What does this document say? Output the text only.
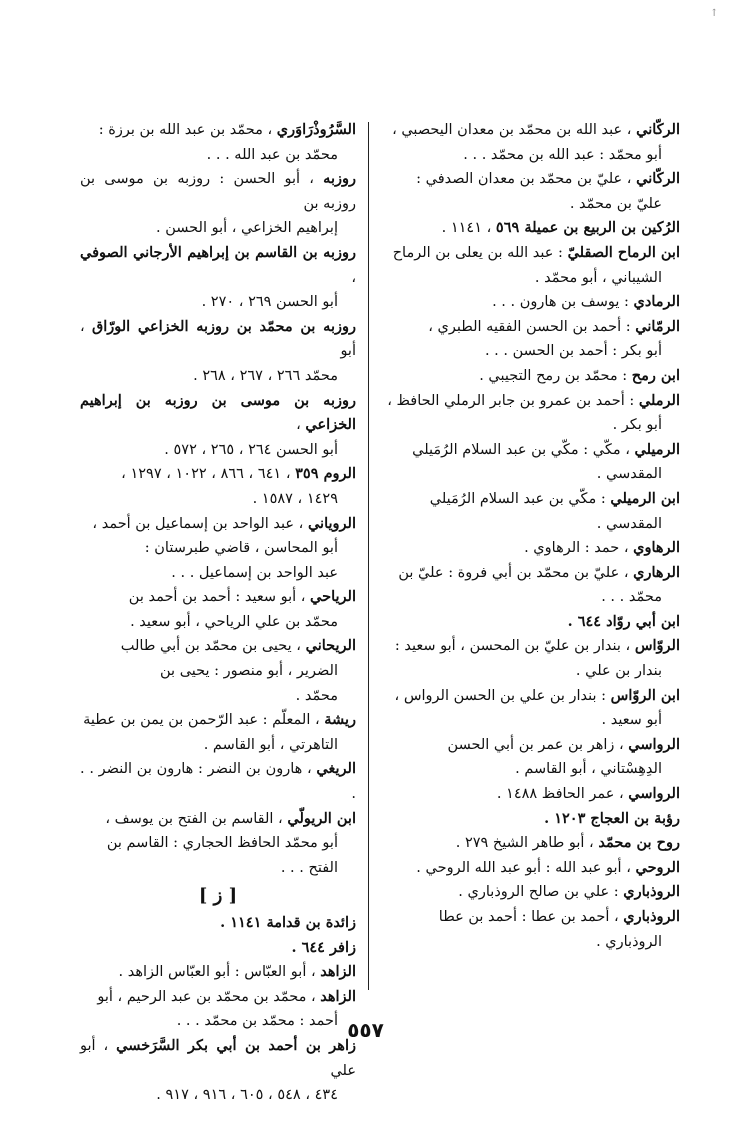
↑
الركّاني ، عبد الله بن محمّد بن معدان اليحصبي ،
أبو محمّد : عبد الله بن محمّد . . .
الركّاني ، عليّ بن محمّد بن معدان الصدفي :
عليّ بن محمّد .
الرُكين بن الربيع بن عميلة ٥٦٩ ، ١١٤١ .
ابن الرماح الصقليّ : عبد الله بن يعلى بن الرماح
الشيباني ، أبو محمّد .
الرمادي : يوسف بن هارون . . .
الرمّاني : أحمد بن الحسن الفقيه الطبري ،
أبو بكر : أحمد بن الحسن . . .
ابن رمح : محمّد بن رمح التجيبي .
الرملي : أحمد بن عمرو بن جابر الرملي الحافظ ،
أبو بكر .
الرميلي ، مكّي : مكّي بن عبد السلام الرُمَيلي
المقدسي .
ابن الرميلي : مكّي بن عبد السلام الرُمَيلي
المقدسي .
الرهاوي ، حمد : الرهاوي .
الرهاري ، عليّ بن محمّد بن أبي فروة : عليّ بن
محمّد . . .
ابن أبي روّاد ٦٤٤ .
الروّاس ، بندار بن عليّ بن المحسن ، أبو سعيد :
بندار بن علي .
ابن الروّاس : بندار بن علي بن الحسن الرواس ،
أبو سعيد .
الرواسي ، زاهر بن عمر بن أبي الحسن
الدِهِسْتاني ، أبو القاسم .
الرواسي ، عمر الحافظ ١٤٨٨ .
رؤبة بن العجاج ١٢٠٣ .
روح بن محمّد ، أبو طاهر الشيخ ٢٧٩ .
الروحي ، أبو عبد الله : أبو عبد الله الروحي .
الروذباري : علي بن صالح الروذباري .
الروذباري ، أحمد بن عطا : أحمد بن عطا
الروذباري .
السَّرُوذْرَاوَري ، محمّد بن عبد الله بن برزة :
محمّد بن عبد الله . . .
روزبه ، أبو الحسن : روزبه بن موسى بن روزبه بن
إبراهيم الخزاعي ، أبو الحسن .
روزبه بن القاسم بن إبراهيم الأرجاني الصوفي ،
أبو الحسن ٢٦٩ ، ٢٧٠ .
روزبه بن محمّد بن روزبه الخزاعي الورّاق ، أبو
محمّد ٢٦٦ ، ٢٦٧ ، ٢٦٨ .
روزبه بن موسى بن روزبه بن إبراهيم الخزاعي ،
أبو الحسن ٢٦٤ ، ٢٦٥ ، ٥٧٢ .
الروم ٣٥٩ ، ٦٤١ ، ٨٦٦ ، ١٠٢٢ ، ١٢٩٧ ،
١٤٢٩ ، ١٥٨٧ .
الروياني ، عبد الواحد بن إسماعيل بن أحمد ،
أبو المحاسن ، قاضي طبرستان :
عبد الواحد بن إسماعيل . . .
الرياحي ، أبو سعيد : أحمد بن أحمد بن
محمّد بن علي الرياحي ، أبو سعيد .
الريحاني ، يحيى بن محمّد بن أبي طالب
الضرير ، أبو منصور : يحيى بن
محمّد .
ريشة ، المعلّم : عبد الرّحمن بن يمن بن عطية
التاهرتي ، أبو القاسم .
الريغي ، هارون بن النضر : هارون بن النضر . . .
ابن الريولّي ، القاسم بن الفتح بن يوسف ،
أبو محمّد الحافظ الحجاري : القاسم بن
الفتح . . .
[ ز ]
زائدة بن قدامة ١١٤١ .
زافر ٦٤٤ .
الزاهد ، أبو العبّاس : أبو العبّاس الزاهد .
الزاهد ، محمّد بن محمّد بن عبد الرحيم ، أبو
أحمد : محمّد بن محمّد . . .
زاهر بن أحمد بن أبي بكر السَّرَخسي ، أبو علي
٤٣٤ ، ٥٤٨ ، ٦٠٥ ، ٩١٦ ، ٩١٧ .
٥٥٧
